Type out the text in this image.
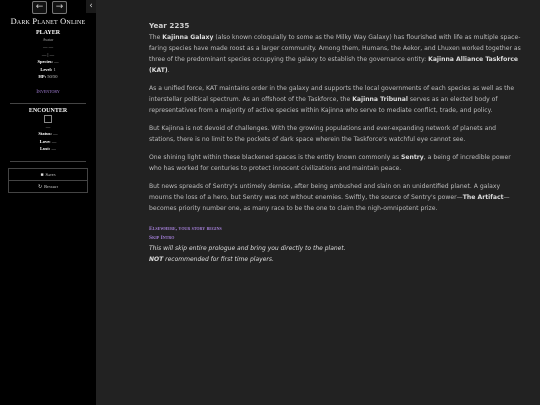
←	→	‹
Dark Planet Online
PLAYER
Avatar
— —
— | —
Species: —
Level: 1
HP: 50/50
Inventory
ENCOUNTER
—
Status: —
Love: —
Lust: —
■ Saves
↻ Restart
Year 2235

The Kajinna Galaxy (also known coloquially to some as the Milky Way Galaxy) has flourished with life as multiple space-faring species have made roost as a larger community. Among them, Humans, the Aekor, and Lhuxen worked together as three of the predominant species occupying the galaxy to establish the governance entity: Kajinna Alliance Taskforce (KAT).

As a unified force, KAT maintains order in the galaxy and supports the local governments of each species as well as the interstellar political spectrum. As an offshoot of the Taskforce, the Kajinna Tribunal serves as an elected body of representatives from a majority of active species within Kajinna who serve to mediate conflict, trade, and policy.

But Kajinna is not devoid of challenges. With the growing populations and ever-expanding network of planets and stations, there is no limit to the pockets of dark space wherein the Taskforce's watchful eye cannot see.

One shining light within these blackened spaces is the entity known commonly as Sentry, a being of incredible power who has worked for centuries to protect innocent civilizations and maintain peace.

But news spreads of Sentry's untimely demise, after being ambushed and slain on an unidentified planet. A galaxy mourns the loss of a hero, but Sentry was not without enemies. Swiftly, the source of Sentry's power—The Artifact—becomes priority number one, as many race to be the one to claim the nigh-omnipotent prize.

Elsewhere, your story begins
Skip Intro
This will skip entire prologue and bring you directly to the planet.
NOT recommended for first time players.
